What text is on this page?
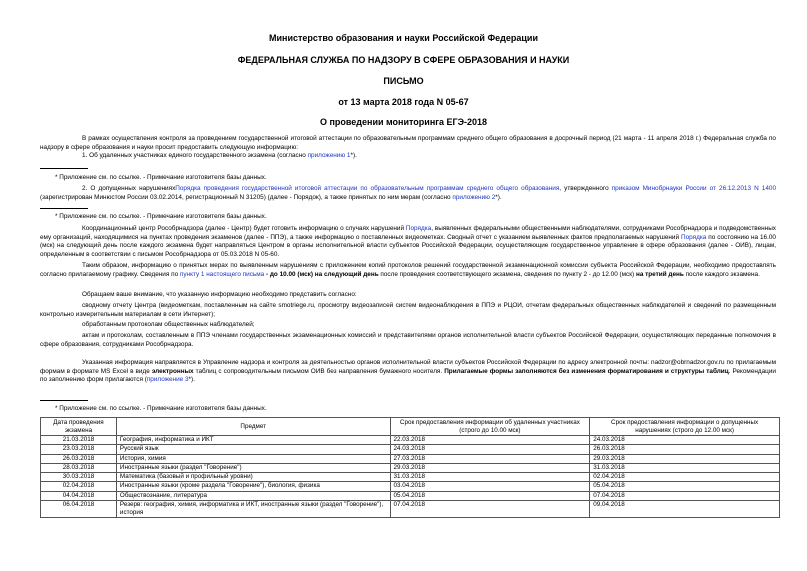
Министерство образования и науки Российской Федерации
ФЕДЕРАЛЬНАЯ СЛУЖБА ПО НАДЗОРУ В СФЕРЕ ОБРАЗОВАНИЯ И НАУКИ
ПИСЬМО
от 13 марта 2018 года N 05-67
О проведении мониторинга ЕГЭ-2018
В рамках осуществления контроля за проведением государственной итоговой аттестации по образовательным программам среднего общего образования в досрочный период (21 марта - 11 апреля 2018 г.) Федеральная служба по надзору в сфере образования и науки просит предоставить следующую информацию:
1. Об удаленных участниках единого государственного экзамена (согласно приложению 1*).
* Приложение см. по ссылке. - Примечание изготовителя базы данных.
2. О допущенных нарушенияхПорядка проведения государственной итоговой аттестации по образовательным программам среднего общего образования, утвержденного приказом Минобрнауки России от 26.12.2013 N 1400 (зарегистрирован Минюстом России 03.02.2014, регистрационный N 31205) (далее - Порядок), а также принятых по ним мерам (согласно приложению 2*).
* Приложение см. по ссылке. - Примечание изготовителя базы данных.
Координационный центр Рособрнадзора (далее - Центр) будет готовить информацию о случаях нарушений Порядка, выявленных федеральными общественными наблюдателями, сотрудниками Рособрнадзора и подведомственных ему организаций, находящимися на пунктах проведения экзаменов (далее - ППЭ), а также информацию о поставленных видеометках. Сводный отчет с указанием выявленных фактов предполагаемых нарушений Порядка по состоянию на 16.00 (мск) на следующий день после каждого экзамена будет направляться Центром в органы исполнительной власти субъектов Российской Федерации, осуществляющие государственное управление в сфере образования (далее - ОИВ), лицам, определенным в соответствии с письмом Рособрнадзора от 05.03.2018 N 05-60.
Таким образом, информацию о принятых мерах по выявленным нарушениям с приложением копий протоколов решений государственной экзаменационной комиссии субъекта Российской Федерации, необходимо предоставлять согласно прилагаемому графику. Сведения по пункту 1 настоящего письма - до 10.00 (мск) на следующий день после проведения соответствующего экзамена, сведения по пункту 2 - до 12.00 (мск) на третий день после каждого экзамена.
Обращаем ваше внимание, что указанную информацию необходимо представить согласно:
сводному отчету Центра (видеометкам, поставленным на сайте smotriege.ru, просмотру видеозаписей систем видеонаблюдения в ППЭ и РЦОИ, отчетам федеральных общественных наблюдателей и сведений по размещенным контрольно измерительным материалам в сети Интернет);
обработанным протоколам общественных наблюдателей;
актам и протоколам, составленным в ППЭ членами государственных экзаменационных комиссий и представителями органов исполнительной власти субъектов Российской Федерации, осуществляющих переданные полномочия в сфере образования, сотрудниками Рособрнадзора.
Указанная информация направляется в Управление надзора и контроля за деятельностью органов исполнительной власти субъектов Российской Федерации по адресу электронной почты: nadzor@obrnadzor.gov.ru по прилагаемым формам в формате MS Excel в виде электронных таблиц с сопроводительным письмом ОИВ без направления бумажного носителя. Прилагаемые формы заполняются без изменения форматирования и структуры таблиц. Рекомендации по заполнению форм прилагаются (приложение 3*).
* Приложение см. по ссылке. - Примечание изготовителя базы данных.
Дата проведения экзамена	Предмет	Срок предоставления информации об удаленных участниках (строго до 10.00 мск)	Срок предоставления информации о допущенных нарушениях (строго до 12.00 мск)
21.03.2018	География, информатика и ИКТ	22.03.2018	24.03.2018
23.03.2018	Русский язык	24.03.2018	26.03.2018
26.03.2018	История, химия	27.03.2018	29.03.2018
28.03.2018	Иностранные языки (раздел "Говорение")	29.03.2018	31.03.2018
30.03.2018	Математика (базовый и профильный уровни)	31.03.2018	02.04.2018
02.04.2018	Иностранные языки (кроме раздела "Говорение"), биология, физика	03.04.2018	05.04.2018
04.04.2018	Обществознание, литература	05.04.2018	07.04.2018
06.04.2018	Резерв: география, химия, информатика и ИКТ, иностранные языки (раздел "Говорение"), история	07.04.2018	09.04.2018
